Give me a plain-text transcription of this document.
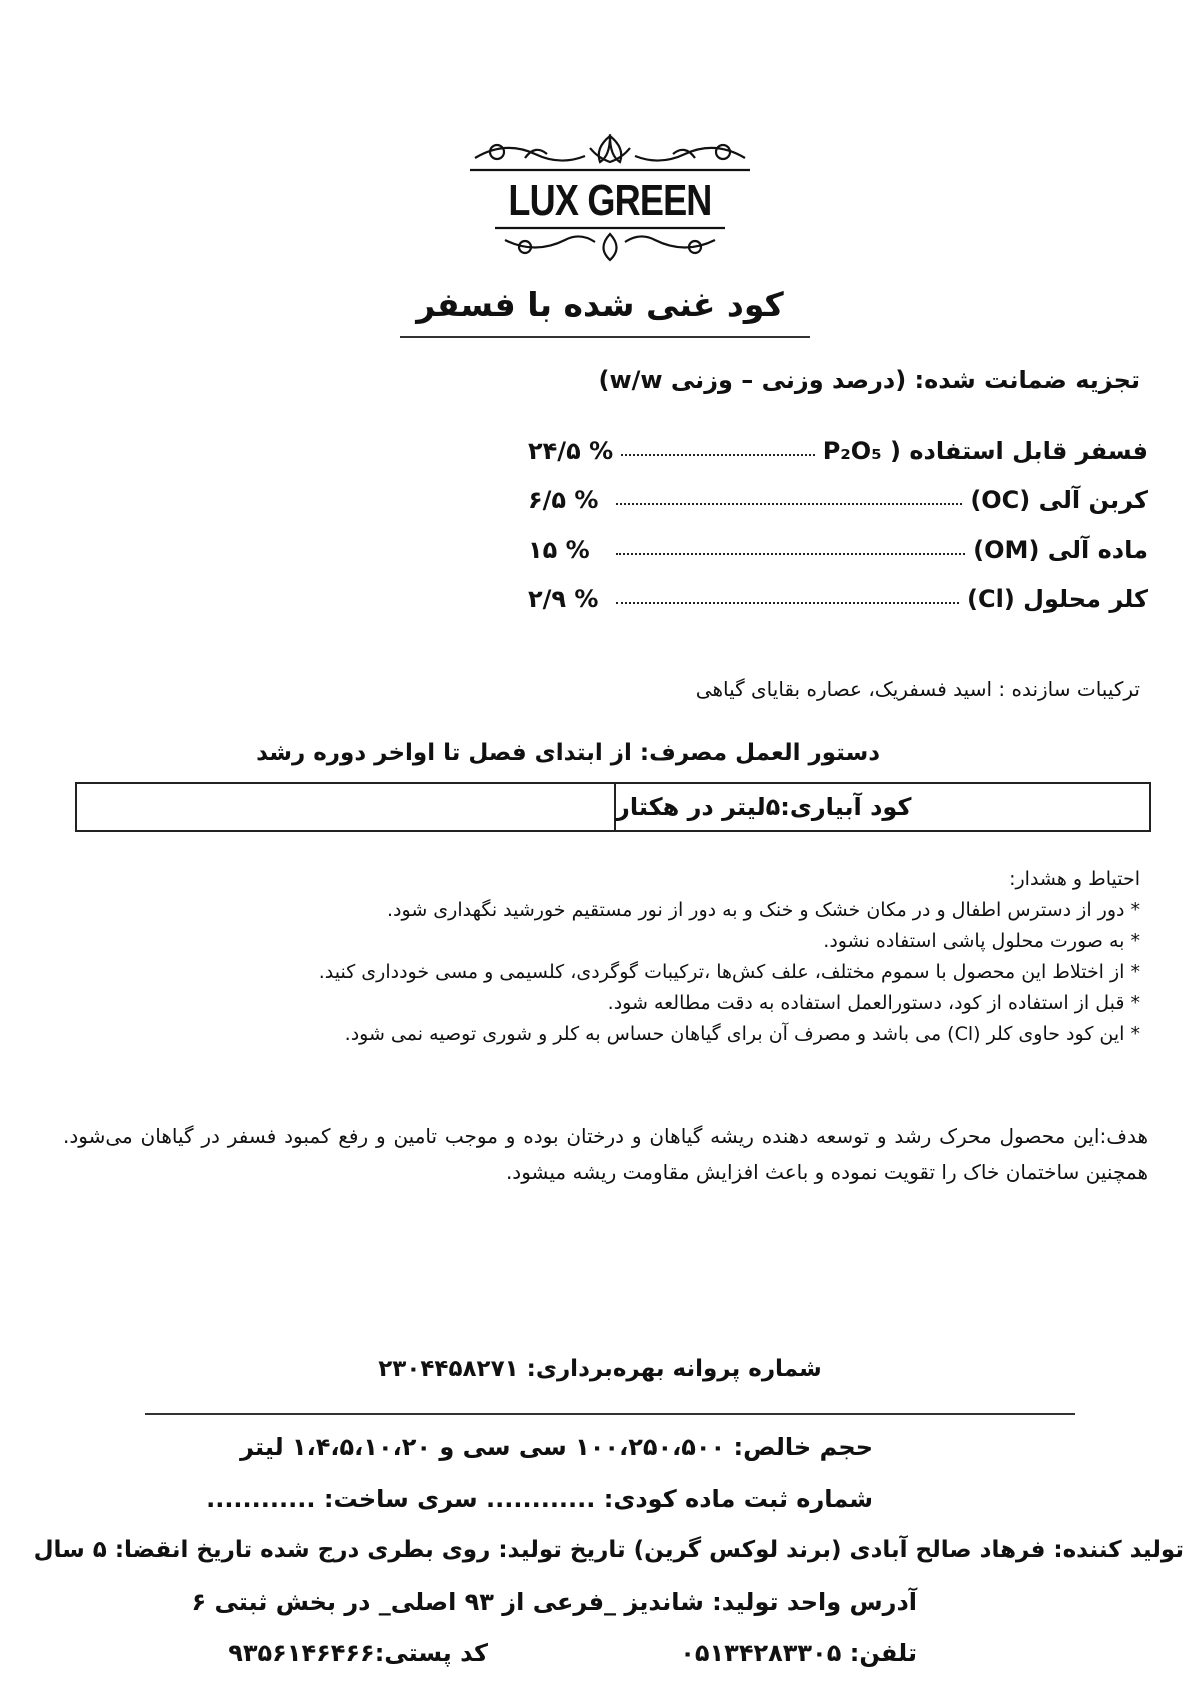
LUX GREEN
کود غنی شده با فسفر
تجزیه ضمانت شده: (درصد وزنی – وزنی w/w)
فسفر قابل استفاده ( P₂O₅
% ۲۴/۵
کربن آلی (OC)
% ۶/۵
ماده آلی (OM)
% ۱۵
کلر محلول (Cl)
% ۲/۹
ترکیبات سازنده : اسید فسفریک، عصاره بقایای گیاهی
دستور العمل مصرف: از ابتدای فصل تا اواخر دوره رشد
کود آبیاری:۵لیتر در هکتار
احتیاط و هشدار:
* دور از دسترس اطفال و در مکان خشک و خنک و به دور از نور مستقیم خورشید نگهداری شود.
* به صورت محلول پاشی استفاده نشود.
* از اختلاط این محصول با سموم مختلف، علف کش‌ها ،ترکیبات گوگردی، کلسیمی و مسی خودداری کنید.
* قبل از استفاده از کود، دستورالعمل استفاده به دقت مطالعه شود.
* این کود حاوی کلر (Cl) می باشد و مصرف آن برای گیاهان حساس به کلر و شوری توصیه نمی شود.
هدف:این محصول محرک رشد و توسعه دهنده ریشه گیاهان و درختان بوده و موجب تامین و رفع کمبود فسفر در گیاهان می‌شود. همچنین ساختمان خاک را تقویت نموده و باعث افزایش مقاومت ریشه میشود.
شماره پروانه بهره‌برداری: ۲۳۰۴۴۵۸۲۷۱
حجم خالص: ۱۰۰،۲۵۰،۵۰۰ سی سی و ۱،۴،۵،۱۰،۲۰ لیتر
شماره ثبت ماده کودی: ............ سری ساخت: ............
تولید کننده: فرهاد صالح آبادی (برند لوکس گرین) تاریخ تولید: روی بطری درج شده تاریخ انقضا: ۵ سال
آدرس واحد تولید: شاندیز _فرعی از ۹۳ اصلی_ در بخش ثبتی ۶
تلفن: ۰۵۱۳۴۲۸۳۳۰۵
کد پستی:۹۳۵۶۱۴۶۴۶۶
